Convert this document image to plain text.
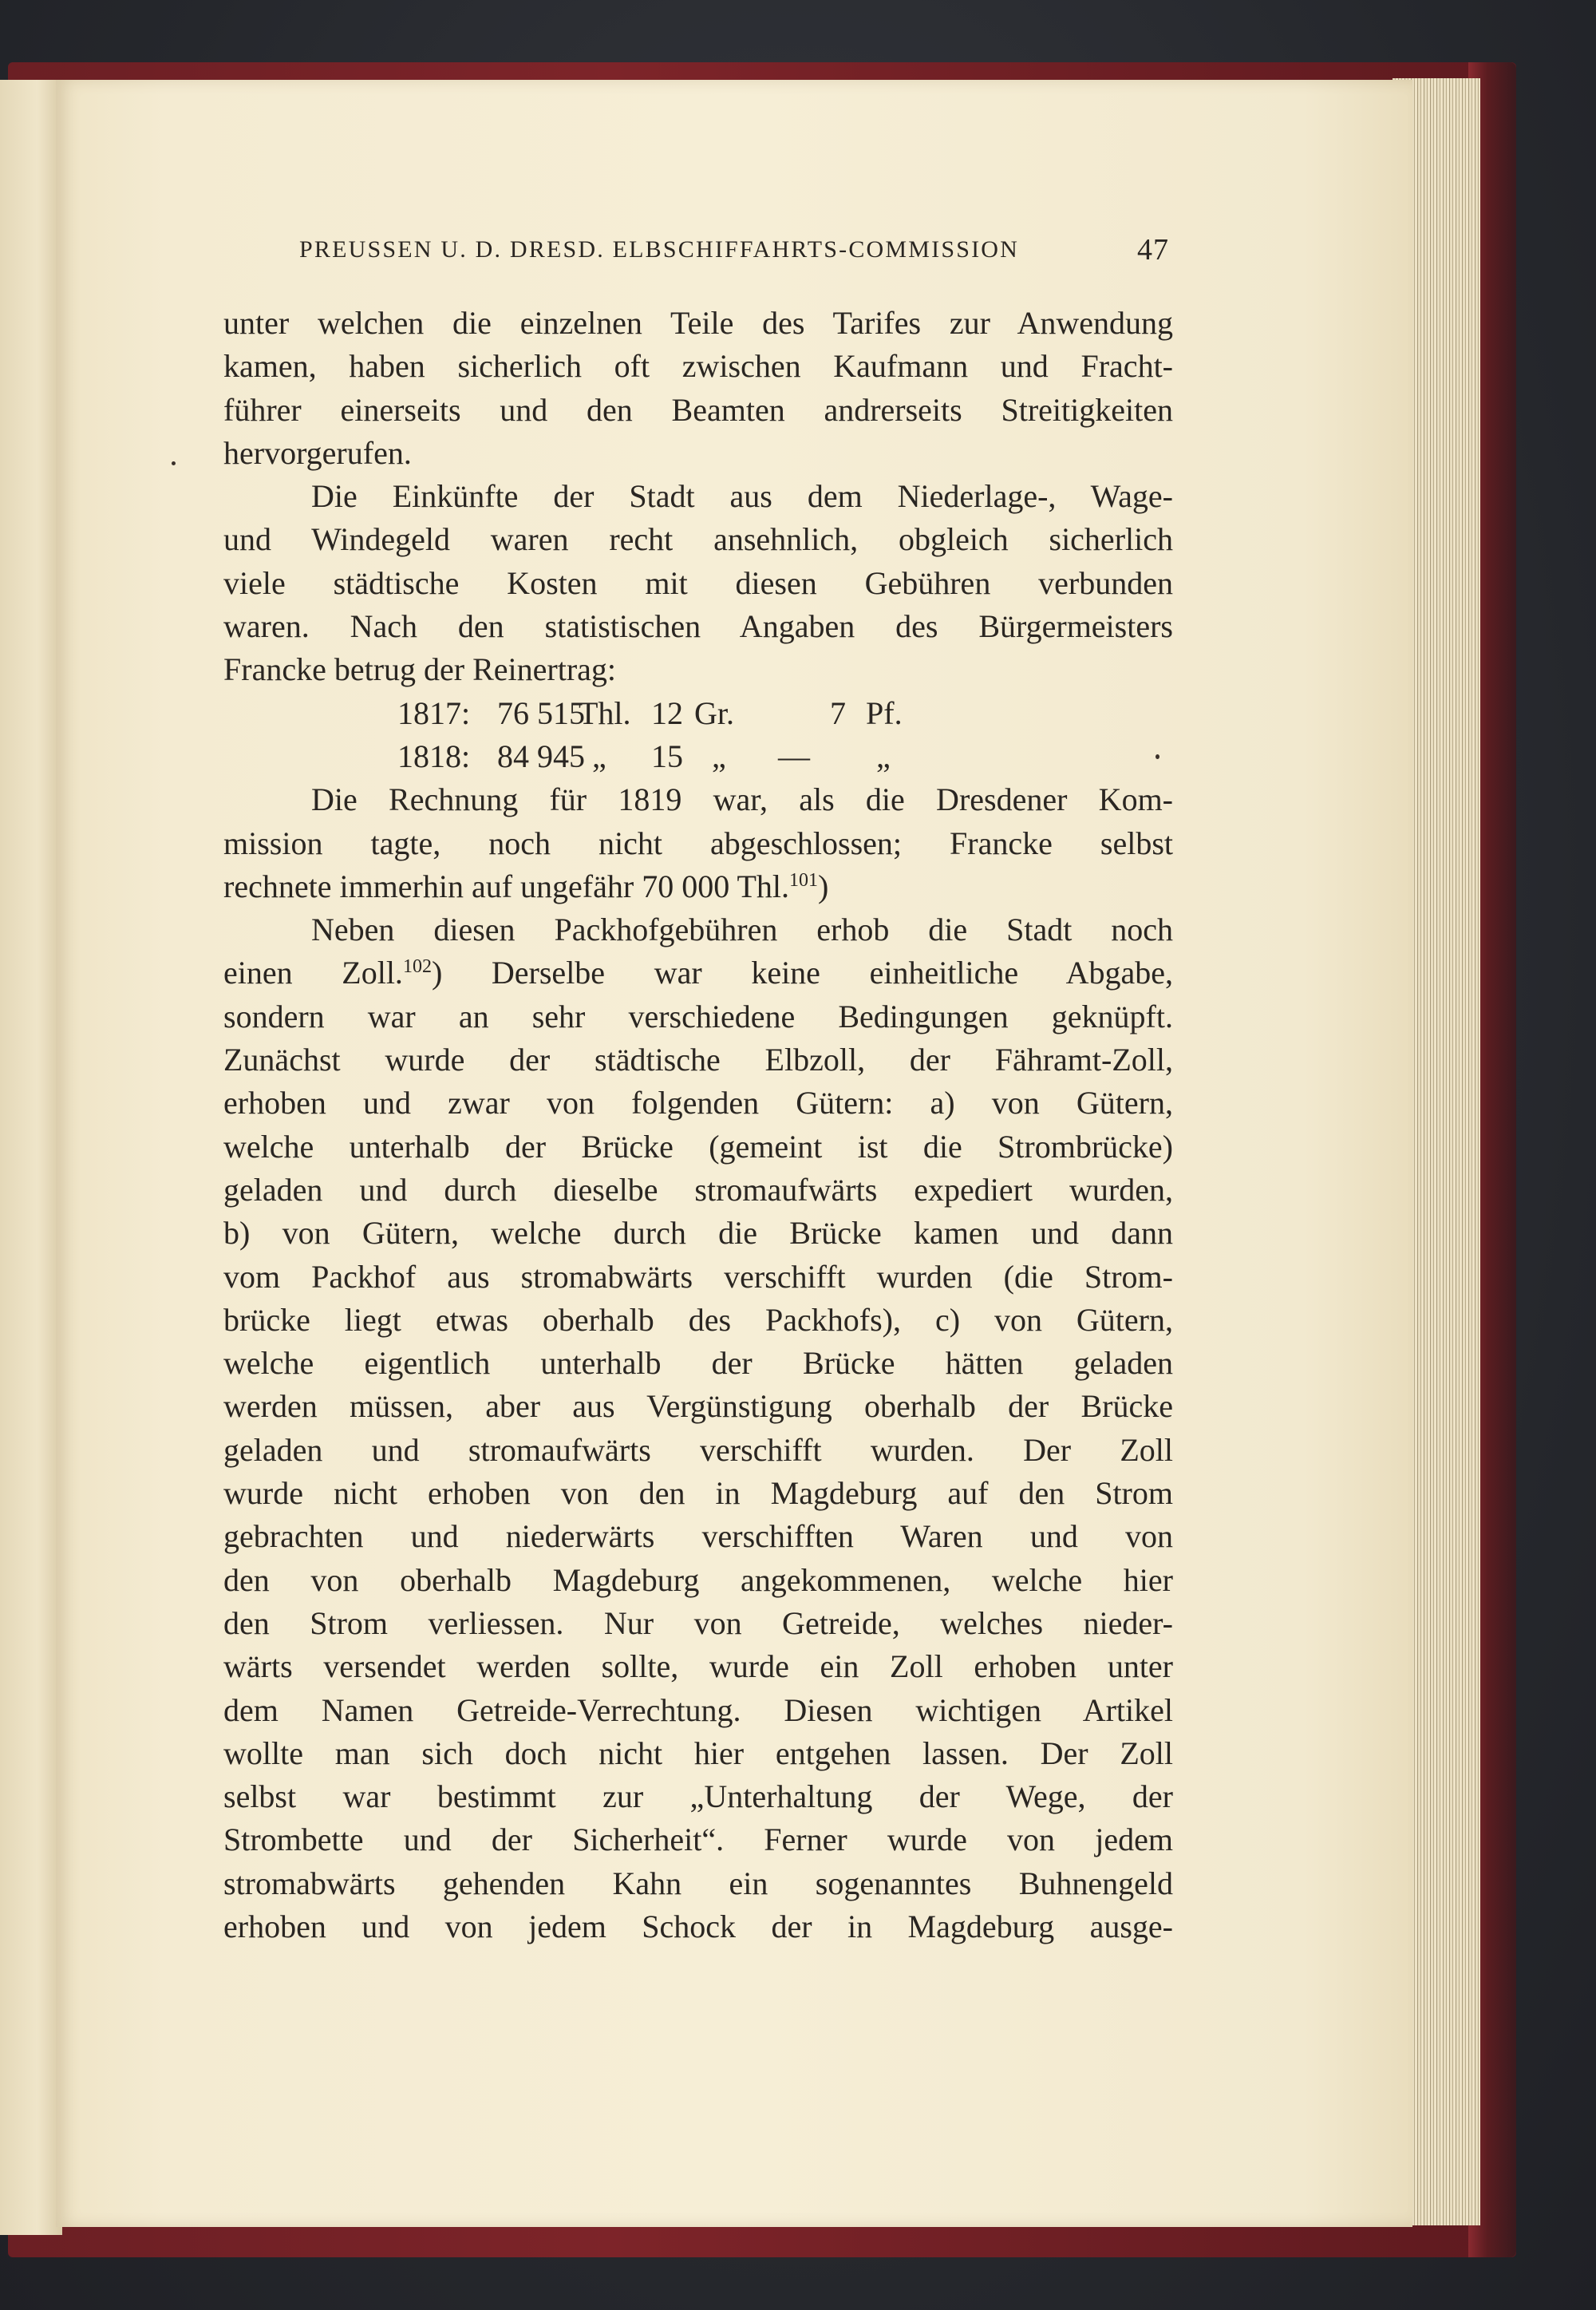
PREUSSEN U. D. DRESD. ELBSCHIFFAHRTS-COMMISSION	47
unter welchen die einzelnen Teile des Tarifes zur Anwendung
kamen, haben sicherlich oft zwischen Kaufmann und Fracht-
führer einerseits und den Beamten andrerseits Streitigkeiten
hervorgerufen.
Die Einkünfte der Stadt aus dem Niederlage-, Wage-
und Windegeld waren recht ansehnlich, obgleich sicherlich
viele städtische Kosten mit diesen Gebühren verbunden
waren. Nach den statistischen Angaben des Bürgermeisters
Francke betrug der Reinertrag:
1817: 76 515
Thl. 12 Gr.	7 Pf.
1818: 84 945 „ 15 „ — „
Die Rechnung für 1819 war, als die Dresdener Kom-
mission tagte, noch nicht abgeschlossen; Francke selbst
rechnete immerhin auf ungefähr 70 000 Thl.$^{101}$)
Neben diesen Packhofgebühren erhob die Stadt noch
einen Zoll.$^{102}$) Derselbe war keine einheitliche Abgabe,
sondern war an sehr verschiedene Bedingungen geknüpft.
Zunächst wurde der städtische Elbzoll, der Fähramt-Zoll,
erhoben und zwar von folgenden Gütern: a) von Gütern,
welche unterhalb der Brücke (gemeint ist die Strombrücke)
geladen und durch dieselbe stromaufwärts expediert wurden,
b) von Gütern, welche durch die Brücke kamen und dann
vom Packhof aus stromabwärts verschifft wurden (die Strom-
brücke liegt etwas oberhalb des Packhofs), c) von Gütern,
welche eigentlich unterhalb der Brücke hätten geladen
werden müssen, aber aus Vergünstigung oberhalb der Brücke
geladen und stromaufwärts verschifft wurden. Der Zoll
wurde nicht erhoben von den in Magdeburg auf den Strom
gebrachten und niederwärts verschifften Waren und von
den von oberhalb Magdeburg angekommenen, welche hier
den Strom verliessen. Nur von Getreide, welches nieder-
wärts versendet werden sollte, wurde ein Zoll erhoben unter
dem Namen Getreide-Verrechtung. Diesen wichtigen Artikel
wollte man sich doch nicht hier entgehen lassen. Der Zoll
selbst war bestimmt zur „Unterhaltung der Wege, der
Strombette und der Sicherheit“. Ferner wurde von jedem
stromabwärts gehenden Kahn ein sogenanntes Buhnengeld
erhoben und von jedem Schock der in Magdeburg ausge-
